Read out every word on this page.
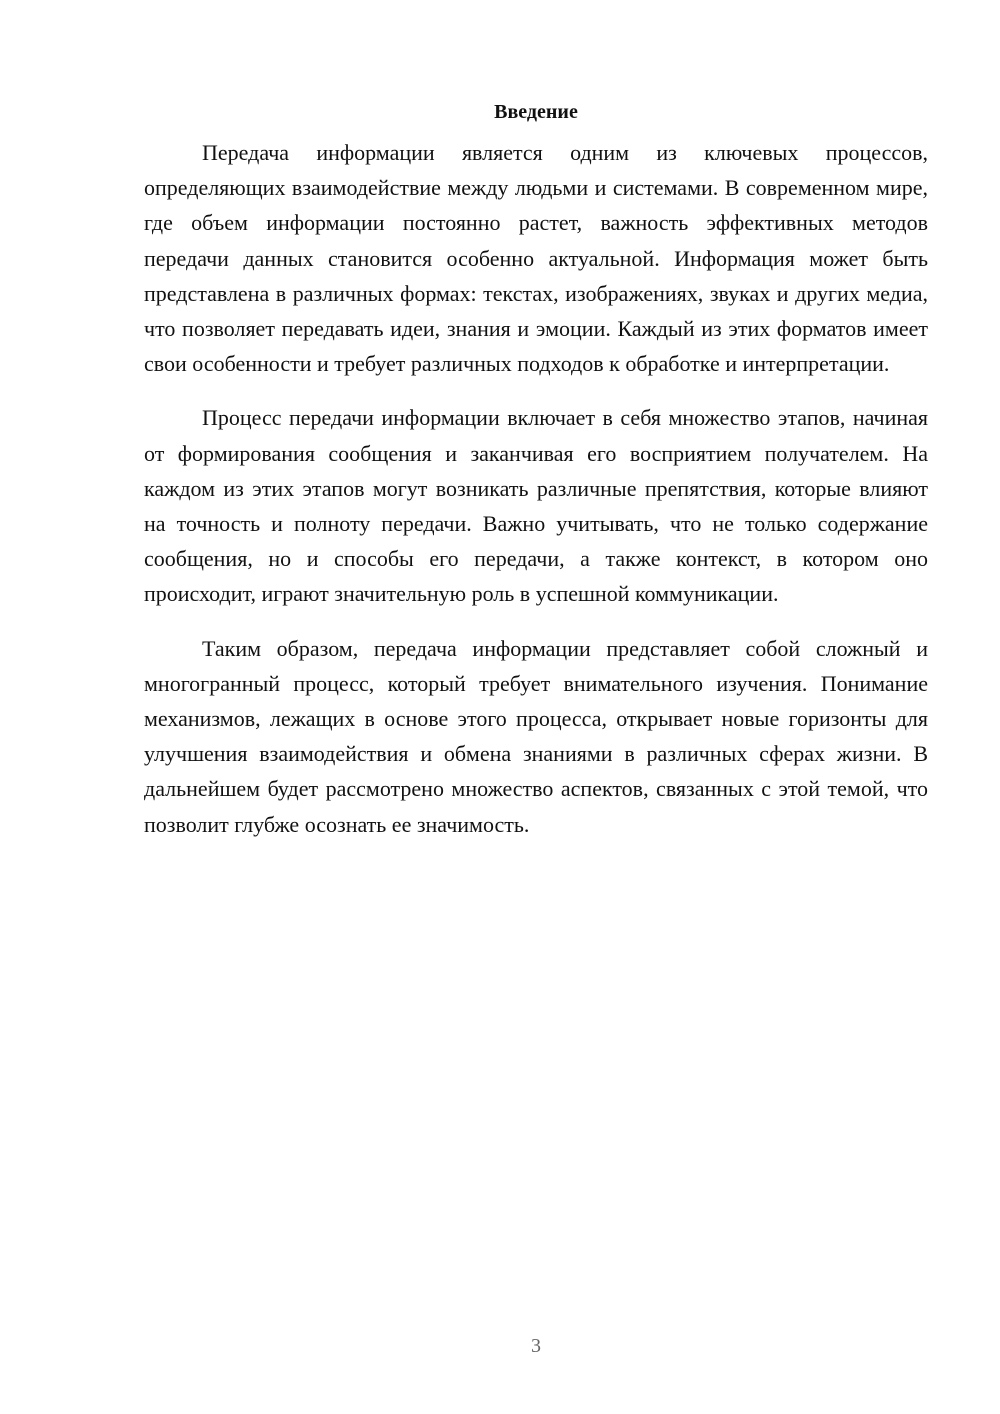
Введение

Передача информации является одним из ключевых процессов, определяющих взаимодействие между людьми и системами. В современном мире, где объем информации постоянно растет, важность эффективных методов передачи данных становится особенно актуальной. Информация может быть представлена в различных формах: текстах, изображениях, звуках и других медиа, что позволяет передавать идеи, знания и эмоции. Каждый из этих форматов имеет свои особенности и требует различных подходов к обработке и интерпретации.

Процесс передачи информации включает в себя множество этапов, начиная от формирования сообщения и заканчивая его восприятием получателем. На каждом из этих этапов могут возникать различные препятствия, которые влияют на точность и полноту передачи. Важно учитывать, что не только содержание сообщения, но и способы его передачи, а также контекст, в котором оно происходит, играют значительную роль в успешной коммуникации.

Таким образом, передача информации представляет собой сложный и многогранный процесс, который требует внимательного изучения. Понимание механизмов, лежащих в основе этого процесса, открывает новые горизонты для улучшения взаимодействия и обмена знаниями в различных сферах жизни. В дальнейшем будет рассмотрено множество аспектов, связанных с этой темой, что позволит глубже осознать ее значимость.

3
